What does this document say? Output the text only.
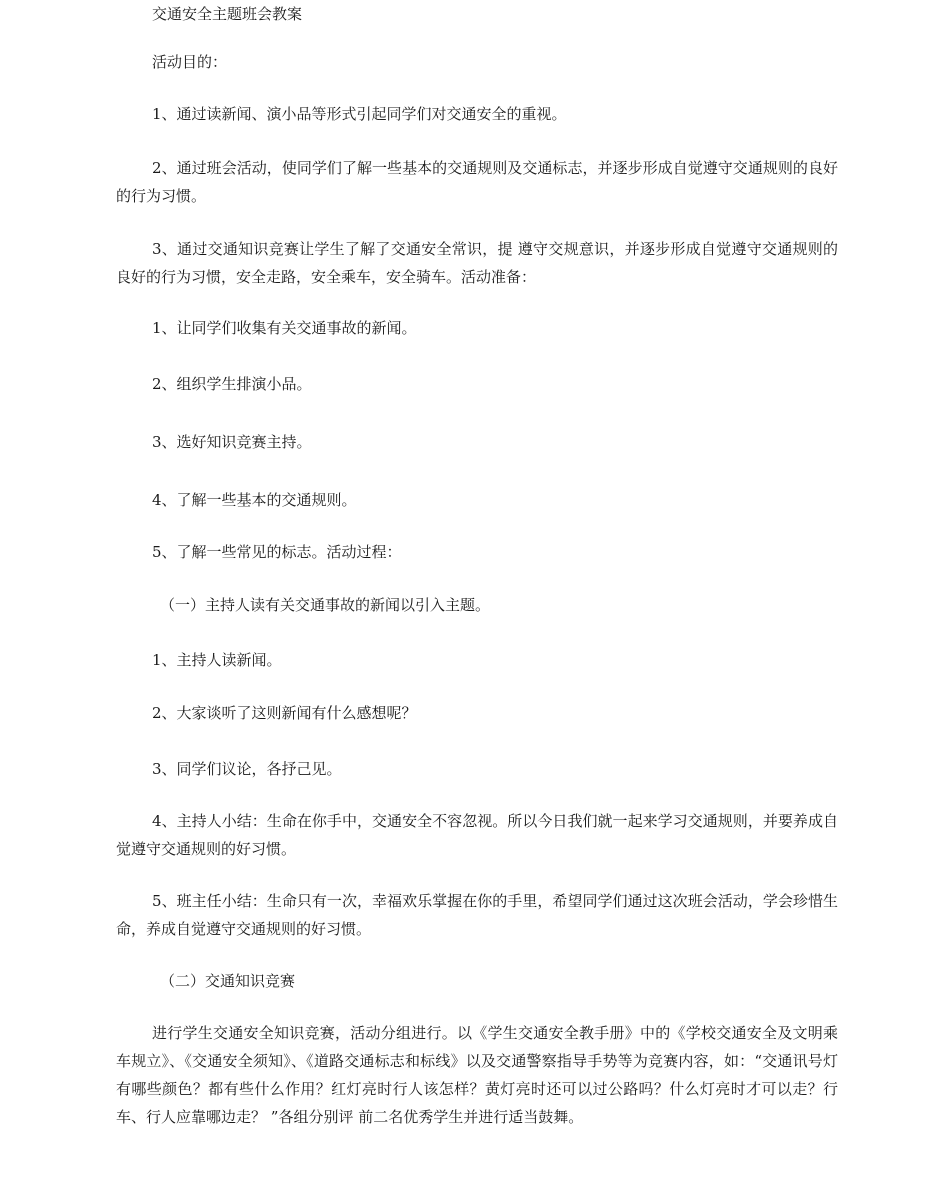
交通安全主题班会教案
活动目的：
1、通过读新闻、演小品等形式引起同学们对交通安全的重视。
2、通过班会活动，使同学们了解一些基本的交通规则及交通标志，并逐步形成自觉遵守交通规则的良好的行为习惯。
3、通过交通知识竞赛让学生了解了交通安全常识，提 遵守交规意识，并逐步形成自觉遵守交通规则的良好的行为习惯，安全走路，安全乘车，安全骑车。活动准备：
1、让同学们收集有关交通事故的新闻。
2、组织学生排演小品。
3、选好知识竞赛主持。
4、了解一些基本的交通规则。
5、了解一些常见的标志。活动过程：
（一）主持人读有关交通事故的新闻以引入主题。
1、主持人读新闻。
2、大家谈听了这则新闻有什么感想呢？
3、同学们议论，各抒己见。
4、主持人小结：生命在你手中，交通安全不容忽视。所以今日我们就一起来学习交通规则，并要养成自觉遵守交通规则的好习惯。
5、班主任小结：生命只有一次，幸福欢乐掌握在你的手里，希望同学们通过这次班会活动，学会珍惜生命，养成自觉遵守交通规则的好习惯。
（二）交通知识竞赛
进行学生交通安全知识竞赛，活动分组进行。以《学生交通安全教手册》中的《学校交通安全及文明乘车规立》、《交通安全须知》、《道路交通标志和标线》以及交通警察指导手势等为竞赛内容，如：“交通讯号灯有哪些颜色？都有些什么作用？红灯亮时行人该怎样？黄灯亮时还可以过公路吗？什么灯亮时才可以走？行车、行人应靠哪边走？ ”各组分别评 前二名优秀学生并进行适当鼓舞。
